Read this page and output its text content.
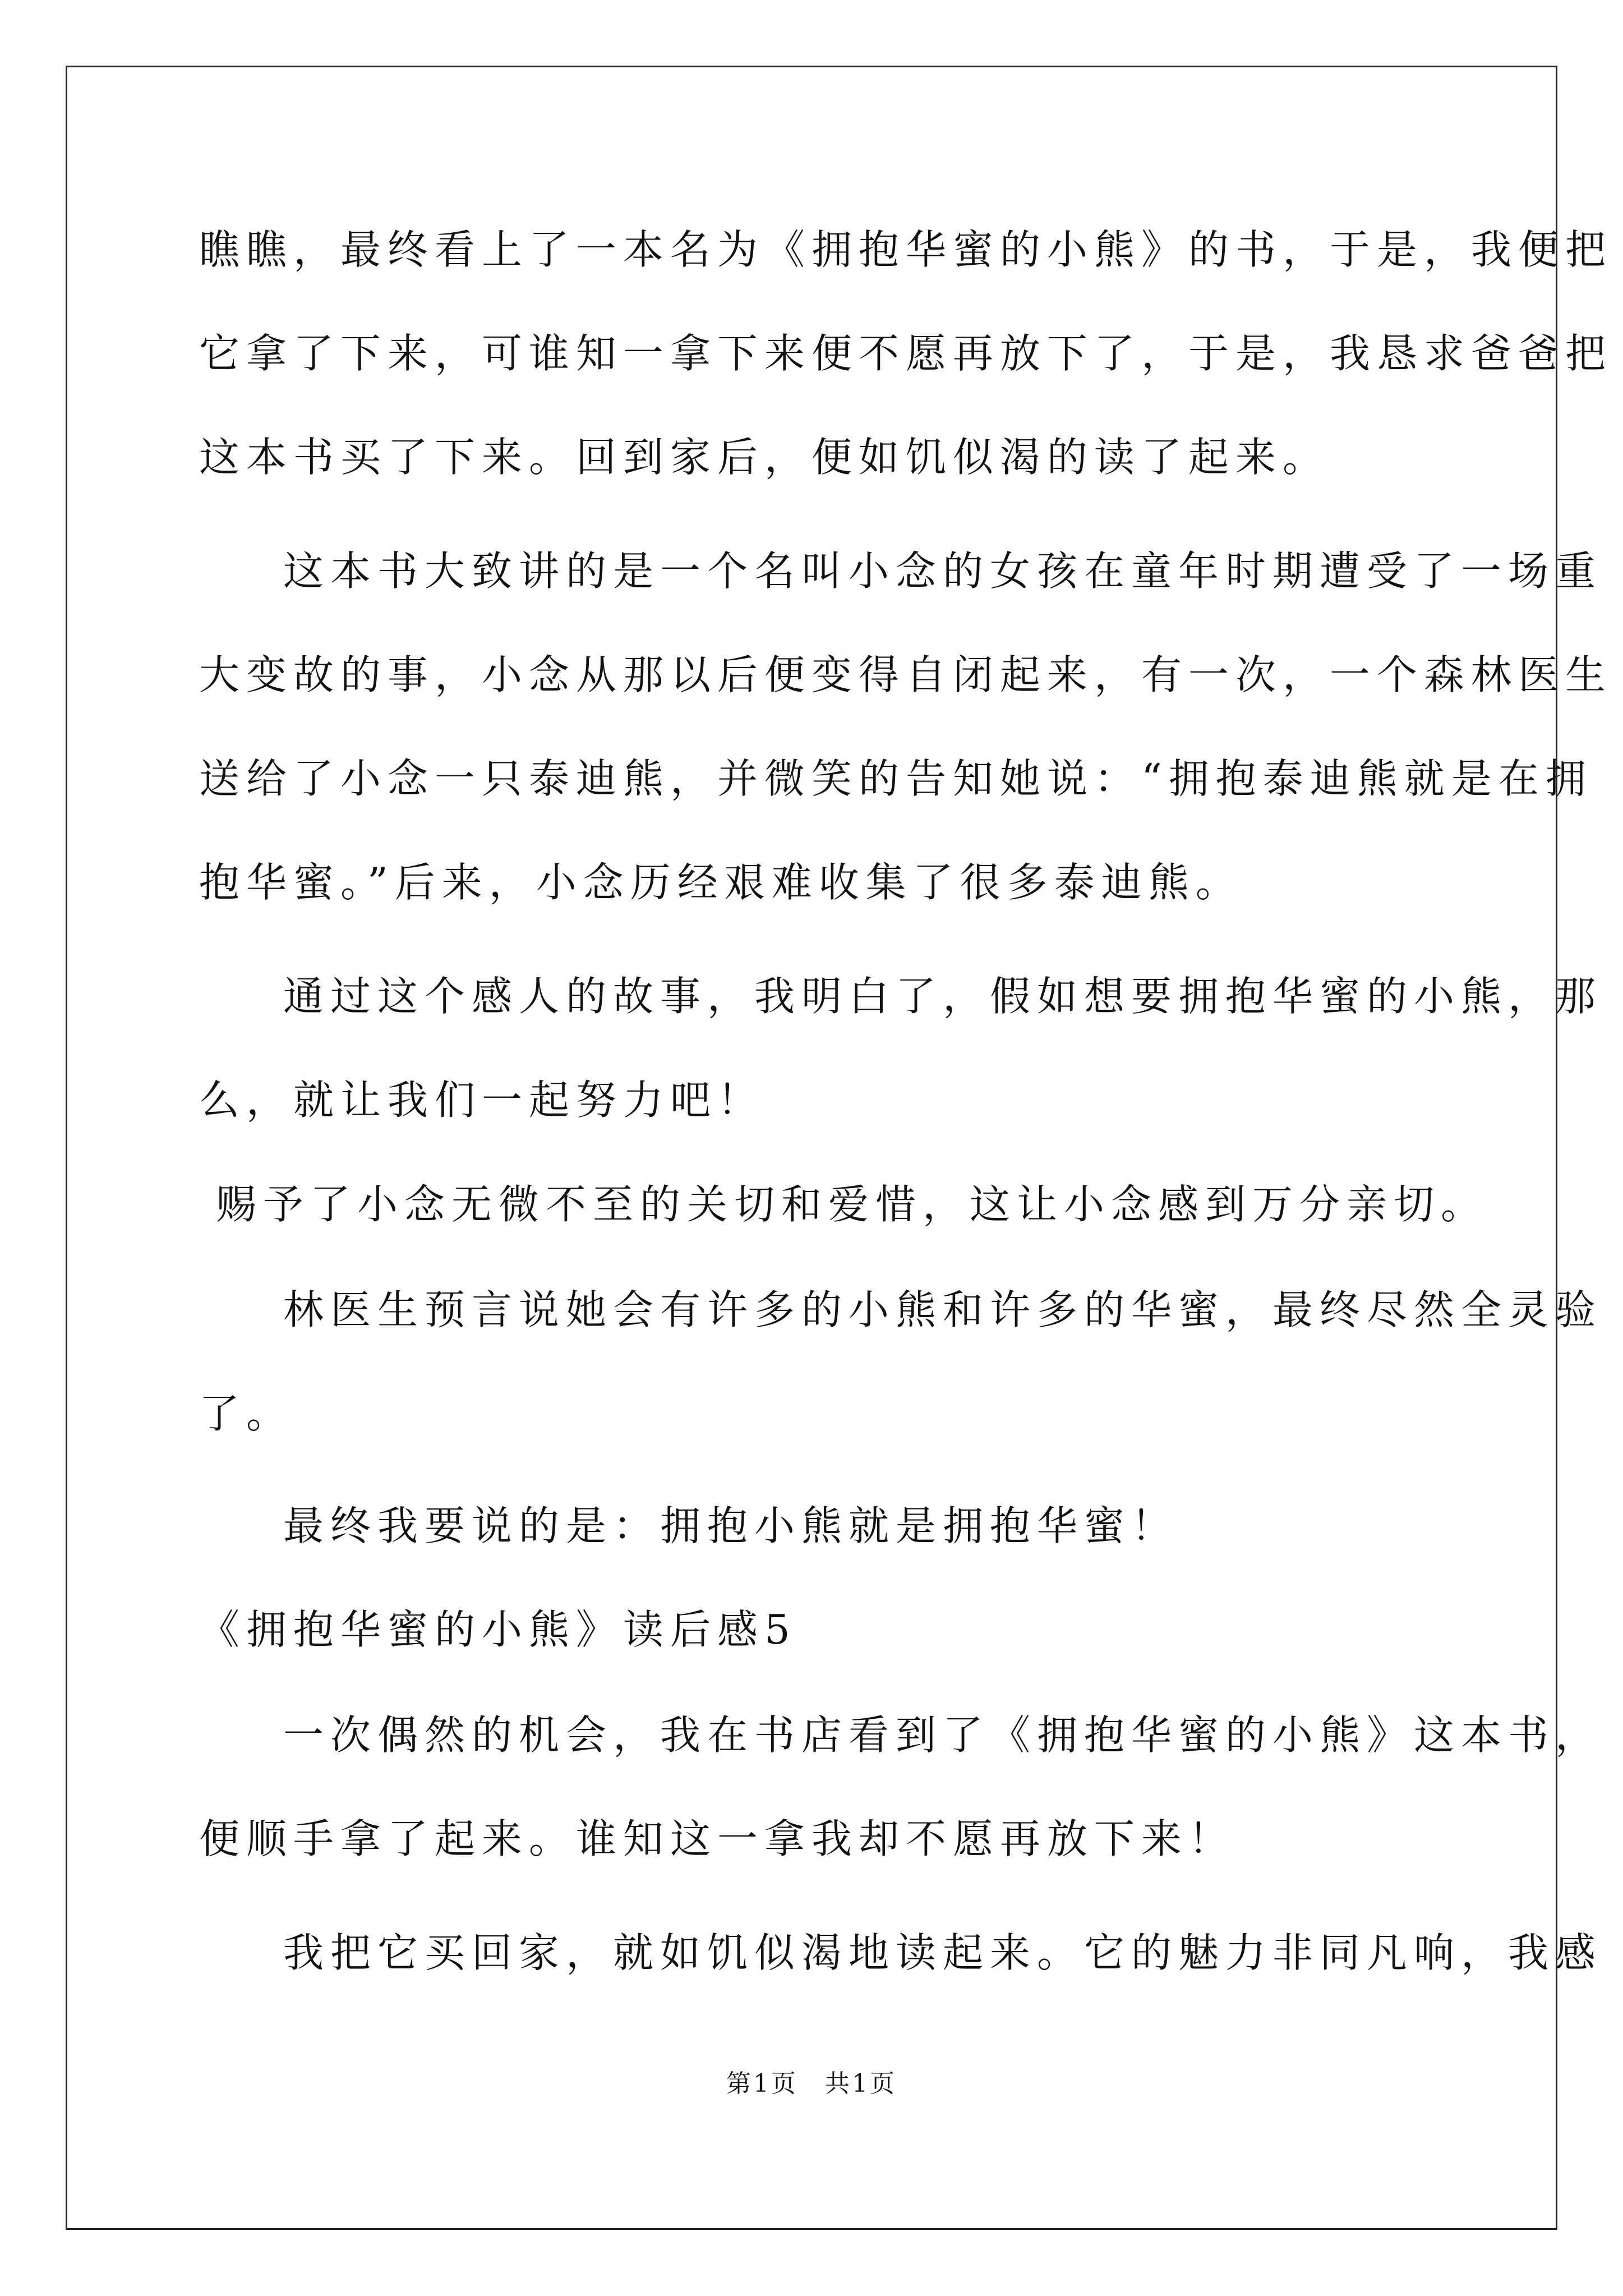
瞧瞧，最终看上了一本名为《拥抱华蜜的小熊》的书，于是，我便把

它拿了下来，可谁知一拿下来便不愿再放下了，于是，我恳求爸爸把

这本书买了下来。回到家后，便如饥似渴的读了起来。

这本书大致讲的是一个名叫小念的女孩在童年时期遭受了一场重

大变故的事，小念从那以后便变得自闭起来，有一次，一个森林医生

送给了小念一只泰迪熊，并微笑的告知她说：“拥抱泰迪熊就是在拥

抱华蜜。”后来，小念历经艰难收集了很多泰迪熊。

通过这个感人的故事，我明白了，假如想要拥抱华蜜的小熊，那

么，就让我们一起努力吧！

赐予了小念无微不至的关切和爱惜，这让小念感到万分亲切。

林医生预言说她会有许多的小熊和许多的华蜜，最终尽然全灵验

了。

最终我要说的是：拥抱小熊就是拥抱华蜜！

《拥抱华蜜的小熊》读后感5

一次偶然的机会，我在书店看到了《拥抱华蜜的小熊》这本书，

便顺手拿了起来。谁知这一拿我却不愿再放下来！

我把它买回家，就如饥似渴地读起来。它的魅力非同凡响，我感

第1页　共1页
